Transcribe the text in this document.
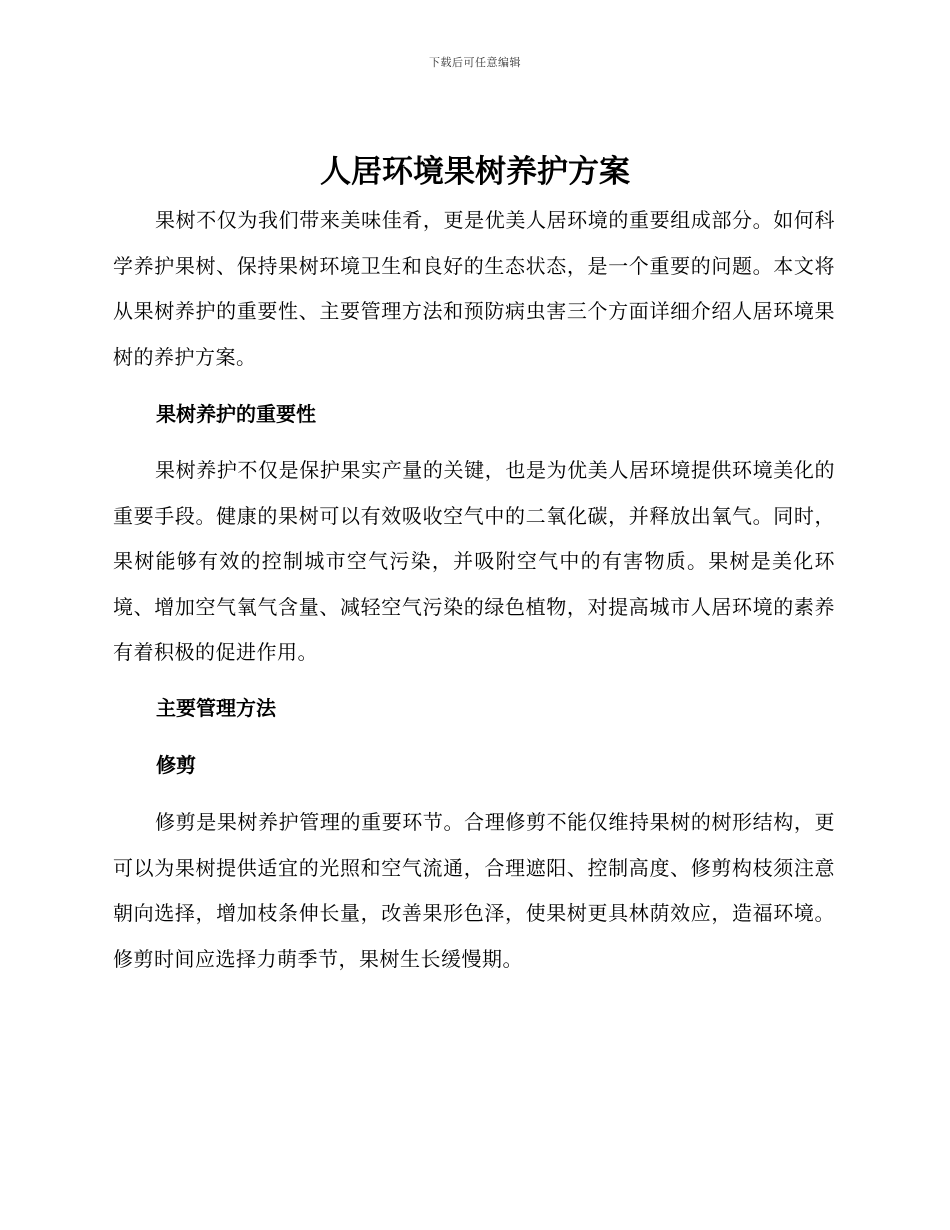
下载后可任意编辑
人居环境果树养护方案

果树不仅为我们带来美味佳肴，更是优美人居环境的重要组成部分。如何科学养护果树、保持果树环境卫生和良好的生态状态，是一个重要的问题。本文将从果树养护的重要性、主要管理方法和预防病虫害三个方面详细介绍人居环境果树的养护方案。

果树养护的重要性

果树养护不仅是保护果实产量的关键，也是为优美人居环境提供环境美化的重要手段。健康的果树可以有效吸收空气中的二氧化碳，并释放出氧气。同时，果树能够有效的控制城市空气污染，并吸附空气中的有害物质。果树是美化环境、增加空气氧气含量、减轻空气污染的绿色植物，对提高城市人居环境的素养有着积极的促进作用。

主要管理方法
修剪

修剪是果树养护管理的重要环节。合理修剪不能仅维持果树的树形结构，更可以为果树提供适宜的光照和空气流通，合理遮阳、控制高度、修剪构枝须注意朝向选择，增加枝条伸长量，改善果形色泽，使果树更具林荫效应，造福环境。修剪时间应选择力萌季节，果树生长缓慢期。
